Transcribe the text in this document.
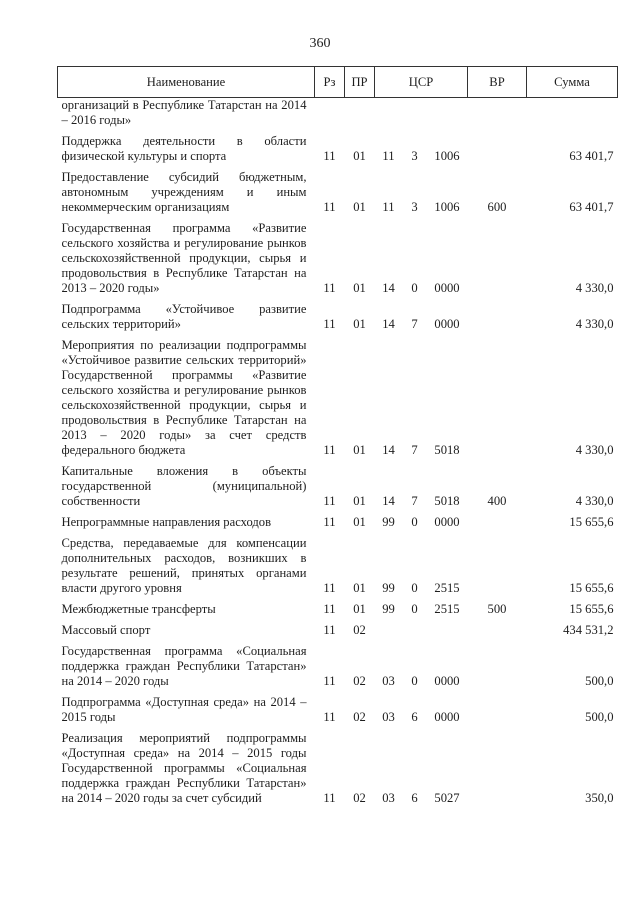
360
Наименование	Рз	ПР	ЦСР			ВР	Сумма
организаций в Республике Татарстан на 2014 – 2016 годы»							
Поддержка деятельности в области физической культуры и спорта	11	01	11	3	1006		63 401,7
Предоставление субсидий бюджетным, автономным учреждениям и иным некоммерческим организациям	11	01	11	3	1006	600	63 401,7
Государственная программа «Развитие сельского хозяйства и регулирование рынков сельскохозяйственной продукции, сырья и продовольствия в Республике Татарстан на 2013 – 2020 годы»	11	01	14	0	0000		4 330,0
Подпрограмма «Устойчивое развитие сельских территорий»	11	01	14	7	0000		4 330,0
Мероприятия по реализации подпрограммы «Устойчивое развитие сельских территорий» Государственной программы «Развитие сельского хозяйства и регулирование рынков сельскохозяйственной продукции, сырья и продовольствия в Республике Татарстан на 2013 – 2020 годы» за счет средств федерального бюджета	11	01	14	7	5018		4 330,0
Капитальные вложения в объекты государственной (муниципальной) собственности	11	01	14	7	5018	400	4 330,0
Непрограммные направления расходов	11	01	99	0	0000		15 655,6
Средства, передаваемые для компенсации дополнительных расходов, возникших в результате решений, принятых органами власти другого уровня	11	01	99	0	2515		15 655,6
Межбюджетные трансферты	11	01	99	0	2515	500	15 655,6
Массовый спорт	11	02					434 531,2
Государственная программа «Социальная поддержка граждан Республики Татарстан» на 2014 – 2020 годы	11	02	03	0	0000		500,0
Подпрограмма «Доступная среда» на 2014 – 2015 годы	11	02	03	6	0000		500,0
Реализация мероприятий подпрограммы «Доступная среда» на 2014 – 2015 годы Государственной программы «Социальная поддержка граждан Республики Татарстан» на 2014 – 2020 годы за счет субсидий	11	02	03	6	5027		350,0
